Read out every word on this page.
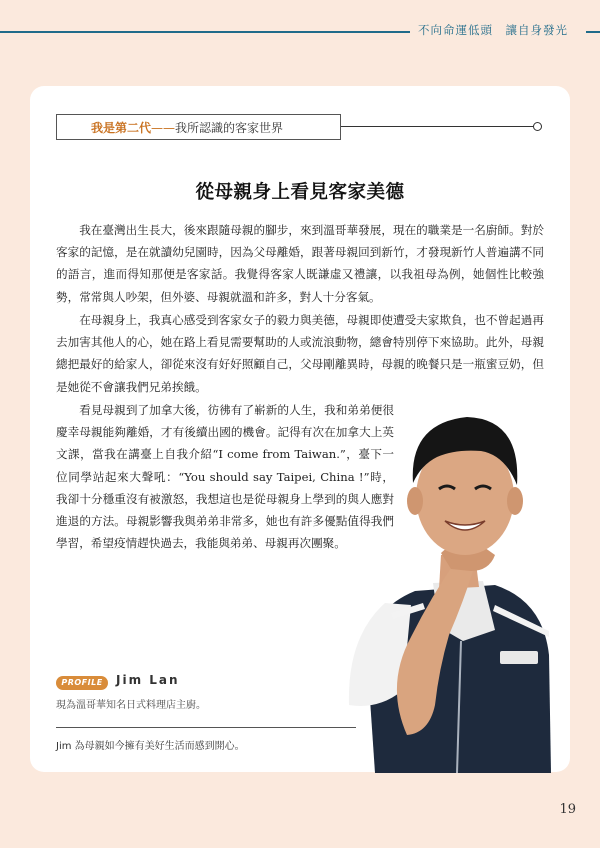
不向命運低頭　讓自身發光
我是第二代——我所認識的客家世界
從母親身上看見客家美德

我在臺灣出生長大，後來跟隨母親的腳步，來到溫哥華發展，現在的職業是一名廚師。對於客家的記憶，是在就讀幼兒園時，因為父母離婚，跟著母親回到新竹，才發現新竹人普遍講不同的語言，進而得知那便是客家話。我覺得客家人既謙虛又禮讓，以我祖母為例，她個性比較強勢，常常與人吵架，但外婆、母親就溫和許多，對人十分客氣。

在母親身上，我真心感受到客家女子的毅力與美德，母親即使遭受夫家欺負，也不曾起過再去加害其他人的心，她在路上看見需要幫助的人或流浪動物，總會特別停下來協助。此外，母親總把最好的給家人，卻從來沒有好好照顧自己，父母剛離異時，母親的晚餐只是一瓶蜜豆奶，但是她從不會讓我們兄弟挨餓。

看見母親到了加拿大後，彷彿有了嶄新的人生，我和弟弟便很慶幸母親能夠離婚，才有後續出國的機會。記得有次在加拿大上英文課，當我在講臺上自我介紹“I come from Taiwan.”，臺下一位同學站起來大聲吼：“You should say Taipei, China !”時，我卻十分穩重沒有被激怒，我想這也是從母親身上學到的與人應對進退的方法。母親影響我與弟弟非常多，她也有許多優點值得我們學習，希望疫情趕快過去，我能與弟弟、母親再次團聚。

PROFILE	Jim Lan
現為溫哥華知名日式料理店主廚。
Jim 為母親如今擁有美好生活而感到開心。
19
